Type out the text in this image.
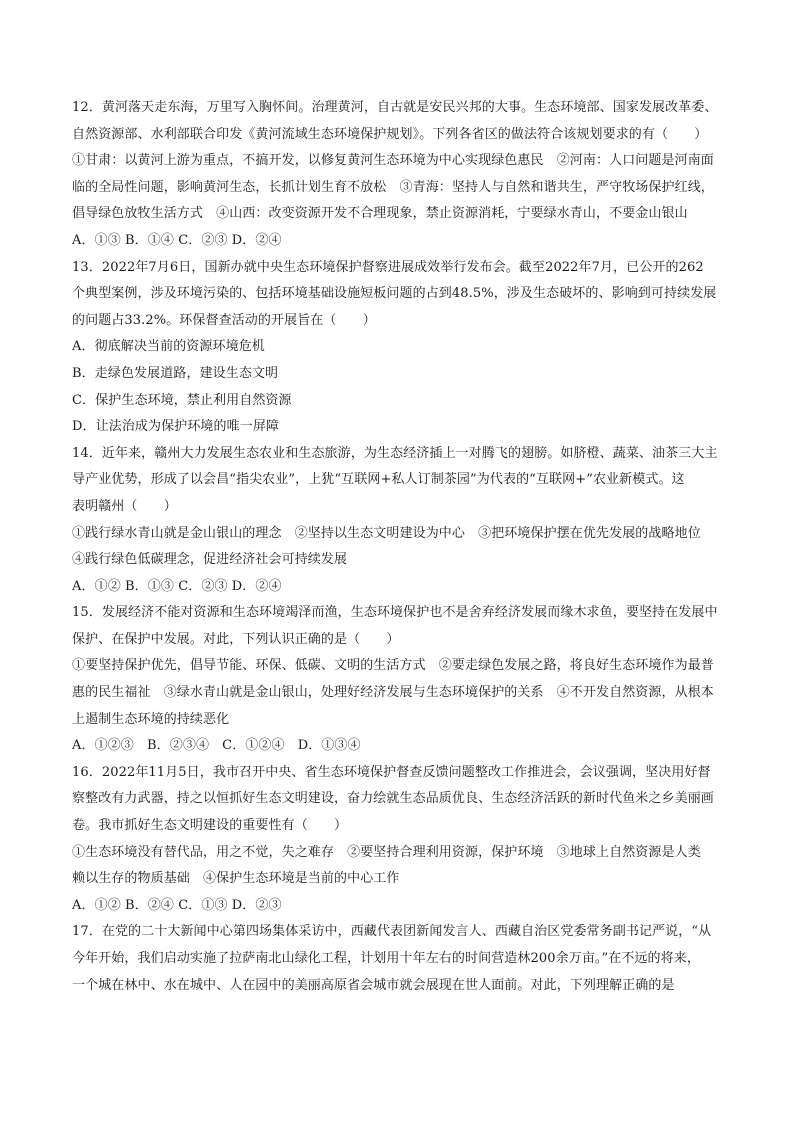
12．黄河落天走东海，万里写入胸怀间。治理黄河，自古就是安民兴邦的大事。生态环境部、国家发展改革委、
自然资源部、水利部联合印发《黄河流域生态环境保护规划》。下列各省区的做法符合该规划要求的有（　　）
①甘肃：以黄河上游为重点，不搞开发，以修复黄河生态环境为中心实现绿色惠民　②河南：人口问题是河南面
临的全局性问题，影响黄河生态，长抓计划生育不放松　③青海：坚持人与自然和谐共生，严守牧场保护红线，
倡导绿色放牧生活方式　④山西：改变资源开发不合理现象，禁止资源消耗，宁要绿水青山，不要金山银山
A．①③ B．①④ C．②③ D．②④
13．2022年7月6日，国新办就中央生态环境保护督察进展成效举行发布会。截至2022年7月，已公开的262
个典型案例，涉及环境污染的、包括环境基础设施短板问题的占到48.5%，涉及生态破坏的、影响到可持续发展
的问题占33.2%。环保督查活动的开展旨在（　　）
A．彻底解决当前的资源环境危机
B．走绿色发展道路，建设生态文明
C．保护生态环境，禁止利用自然资源
D．让法治成为保护环境的唯一屏障
14．近年来，赣州大力发展生态农业和生态旅游，为生态经济插上一对腾飞的翅膀。如脐橙、蔬菜、油茶三大主
导产业优势，形成了以会昌“指尖农业”，上犹“互联网+私人订制茶园”为代表的“互联网+”农业新模式。这
表明赣州（　　）
①践行绿水青山就是金山银山的理念　②坚持以生态文明建设为中心　③把环境保护摆在优先发展的战略地位
④践行绿色低碳理念，促进经济社会可持续发展
A．①② B．①③ C．②③ D．②④
15．发展经济不能对资源和生态环境竭泽而渔，生态环境保护也不是舍弃经济发展而缘木求鱼，要坚持在发展中
保护、在保护中发展。对此，下列认识正确的是（　　）
①要坚持保护优先，倡导节能、环保、低碳、文明的生活方式　②要走绿色发展之路，将良好生态环境作为最普
惠的民生福祉　③绿水青山就是金山银山，处理好经济发展与生态环境保护的关系　④不开发自然资源，从根本
上遏制生态环境的持续恶化
A．①②③　B．②③④　C．①②④　D．①③④
16．2022年11月5日，我市召开中央、省生态环境保护督查反馈问题整改工作推进会，会议强调，坚决用好督
察整改有力武器，持之以恒抓好生态文明建设，奋力绘就生态品质优良、生态经济活跃的新时代鱼米之乡美丽画
卷。我市抓好生态文明建设的重要性有（　　）
①生态环境没有替代品，用之不觉，失之难存　②要坚持合理利用资源，保护环境　③地球上自然资源是人类
赖以生存的物质基础　④保护生态环境是当前的中心工作
A．①② B．②④ C．①③ D．②③
17．在党的二十大新闻中心第四场集体采访中，西藏代表团新闻发言人、西藏自治区党委常务副书记严说，“从
今年开始，我们启动实施了拉萨南北山绿化工程，计划用十年左右的时间营造林200余万亩。”在不远的将来，
一个城在林中、水在城中、人在园中的美丽高原省会城市就会展现在世人面前。对此，下列理解正确的是
